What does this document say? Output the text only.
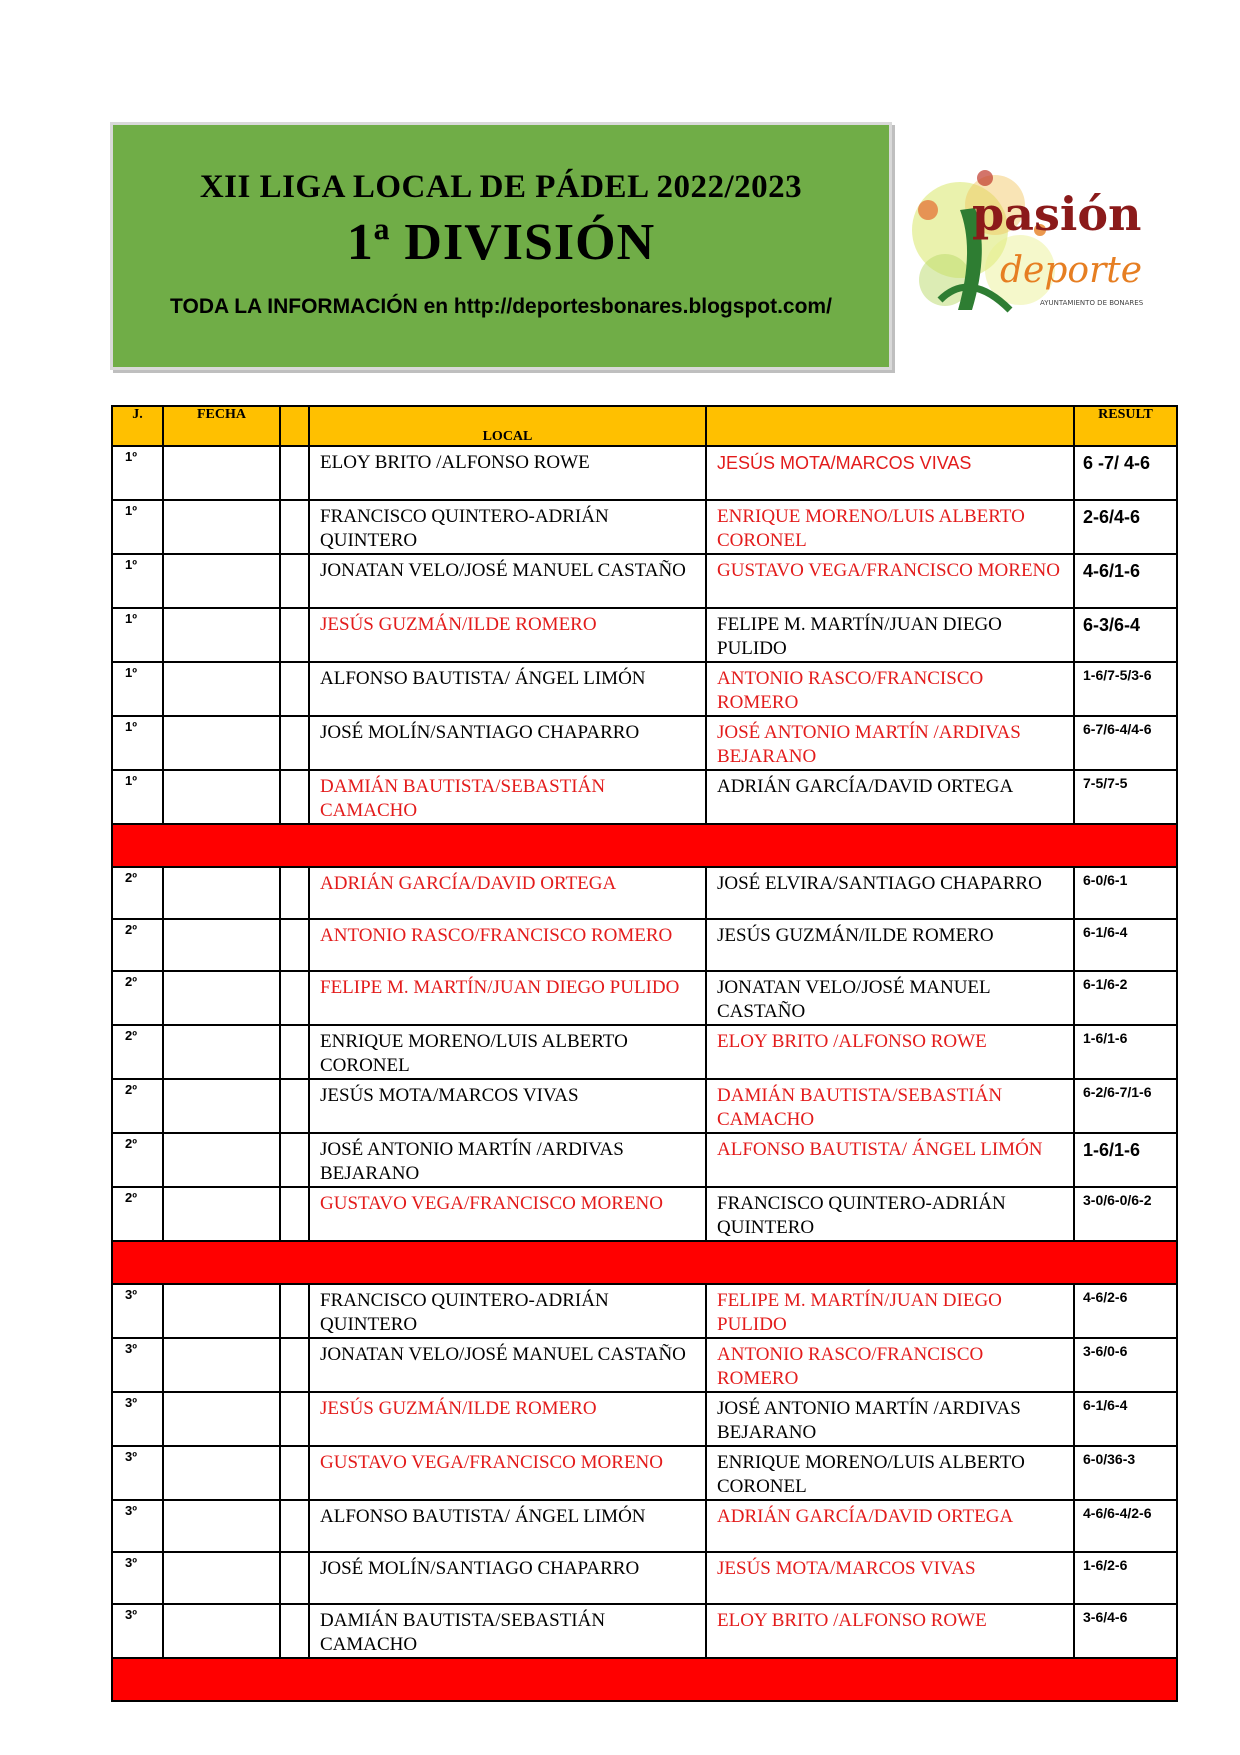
XII LIGA LOCAL DE PÁDEL 2022/2023
1ª DIVISIÓN
TODA LA INFORMACIÓN en http://deportesbonares.blogspot.com/
pasión
deporte
AYUNTAMIENTO DE BONARES
J.	FECHA		LOCAL		RESULT
1º			ELOY BRITO /ALFONSO ROWE	JESÚS MOTA/MARCOS VIVAS	6 -7/ 4-6
1º			FRANCISCO QUINTERO-ADRIÁN QUINTERO	ENRIQUE MORENO/LUIS ALBERTO CORONEL	2-6/4-6
1º			JONATAN VELO/JOSÉ MANUEL CASTAÑO	GUSTAVO VEGA/FRANCISCO MORENO	4-6/1-6
1º			JESÚS GUZMÁN/ILDE ROMERO	FELIPE M. MARTÍN/JUAN DIEGO PULIDO	6-3/6-4
1º			ALFONSO BAUTISTA/ ÁNGEL LIMÓN	ANTONIO RASCO/FRANCISCO ROMERO	1-6/7-5/3-6
1º			JOSÉ MOLÍN/SANTIAGO CHAPARRO	JOSÉ ANTONIO MARTÍN /ARDIVAS BEJARANO	6-7/6-4/4-6
1º			DAMIÁN BAUTISTA/SEBASTIÁN CAMACHO	ADRIÁN GARCÍA/DAVID ORTEGA	7-5/7-5

2º			ADRIÁN GARCÍA/DAVID ORTEGA	JOSÉ ELVIRA/SANTIAGO CHAPARRO	6-0/6-1
2º			ANTONIO RASCO/FRANCISCO ROMERO	JESÚS GUZMÁN/ILDE ROMERO	6-1/6-4
2º			FELIPE M. MARTÍN/JUAN DIEGO PULIDO	JONATAN VELO/JOSÉ MANUEL CASTAÑO	6-1/6-2
2º			ENRIQUE MORENO/LUIS ALBERTO CORONEL	ELOY BRITO /ALFONSO ROWE	1-6/1-6
2º			JESÚS MOTA/MARCOS VIVAS	DAMIÁN BAUTISTA/SEBASTIÁN CAMACHO	6-2/6-7/1-6
2º			JOSÉ ANTONIO MARTÍN /ARDIVAS BEJARANO	ALFONSO BAUTISTA/ ÁNGEL LIMÓN	1-6/1-6
2º			GUSTAVO VEGA/FRANCISCO MORENO	FRANCISCO QUINTERO-ADRIÁN QUINTERO	3-0/6-0/6-2

3º			FRANCISCO QUINTERO-ADRIÁN QUINTERO	FELIPE M. MARTÍN/JUAN DIEGO PULIDO	4-6/2-6
3º			JONATAN VELO/JOSÉ MANUEL CASTAÑO	ANTONIO RASCO/FRANCISCO ROMERO	3-6/0-6
3º			JESÚS GUZMÁN/ILDE ROMERO	JOSÉ ANTONIO MARTÍN /ARDIVAS BEJARANO	6-1/6-4
3º			GUSTAVO VEGA/FRANCISCO MORENO	ENRIQUE MORENO/LUIS ALBERTO CORONEL	6-0/36-3
3º			ALFONSO BAUTISTA/ ÁNGEL LIMÓN	ADRIÁN GARCÍA/DAVID ORTEGA	4-6/6-4/2-6
3º			JOSÉ MOLÍN/SANTIAGO CHAPARRO	JESÚS MOTA/MARCOS VIVAS	1-6/2-6
3º			DAMIÁN BAUTISTA/SEBASTIÁN CAMACHO	ELOY BRITO /ALFONSO ROWE	3-6/4-6
